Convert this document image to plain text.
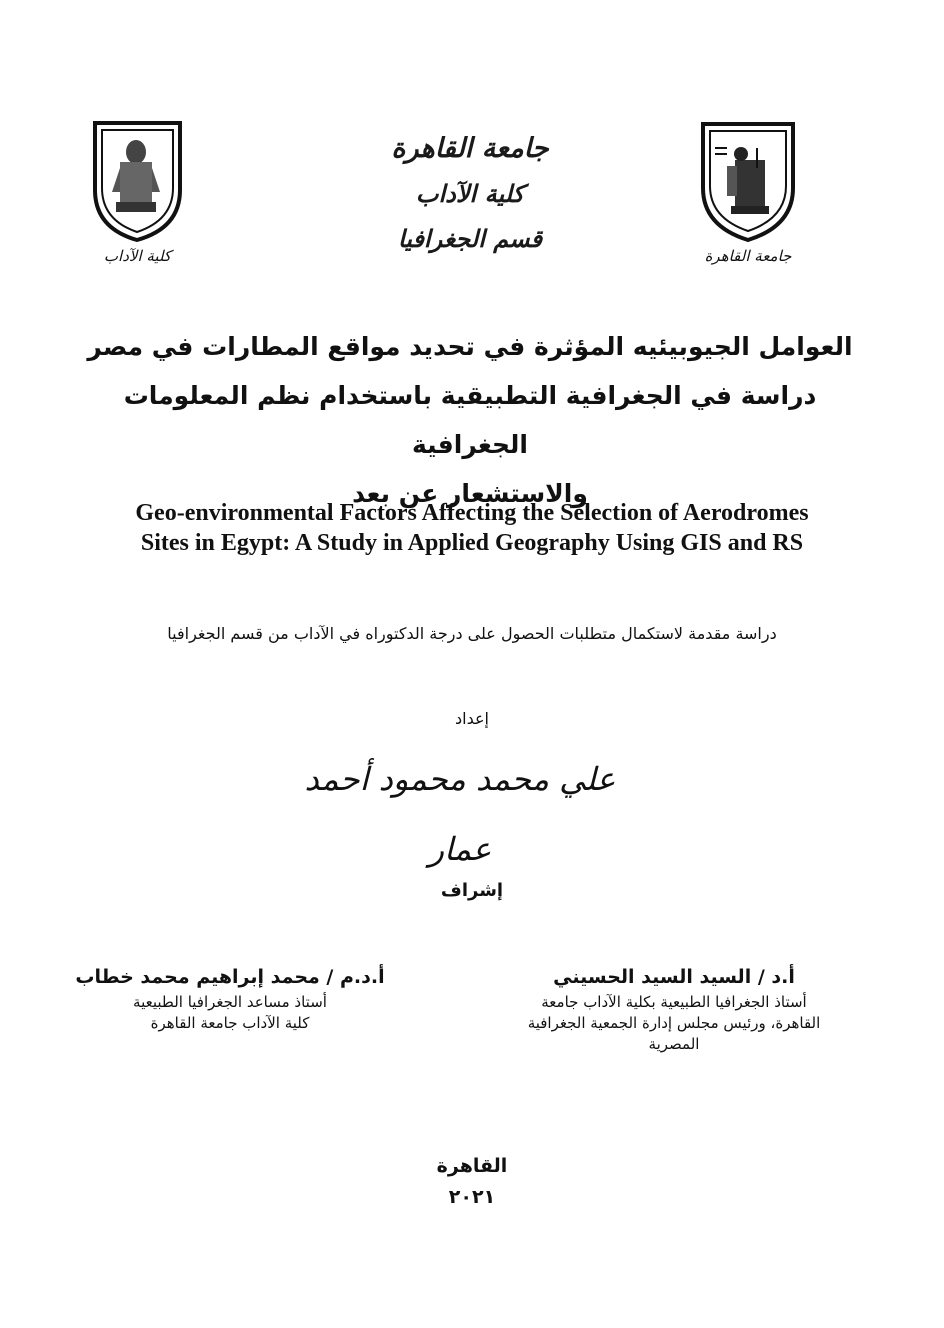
جامعة القاهرة
جامعة القاهرة
كلية الآداب
قسم الجغرافيا
كلية الآداب
العوامل الجيوبيئيه المؤثرة في تحديد مواقع المطارات في مصر
دراسة في الجغرافية التطبيقية باستخدام نظم المعلومات الجغرافية
والاستشعار عن بعد
Geo-environmental Factors Affecting the Selection of Aerodromes
Sites in Egypt: A Study in Applied Geography Using GIS and RS
دراسة مقدمة لاستكمال متطلبات الحصول على درجة الدكتوراه في الآداب من قسم الجغرافيا
إعداد
علي محمد محمود أحمد عمار
إشراف
أ.د / السيد السيد الحسيني
أستاذ الجغرافيا الطبيعية بكلية الآداب جامعة
القاهرة، ورئيس مجلس إدارة الجمعية الجغرافية
المصرية
أ.د.م / محمد إبراهيم محمد خطاب
أستاذ مساعد الجغرافيا الطبيعية
كلية الآداب جامعة القاهرة
القاهرة
٢٠٢١
